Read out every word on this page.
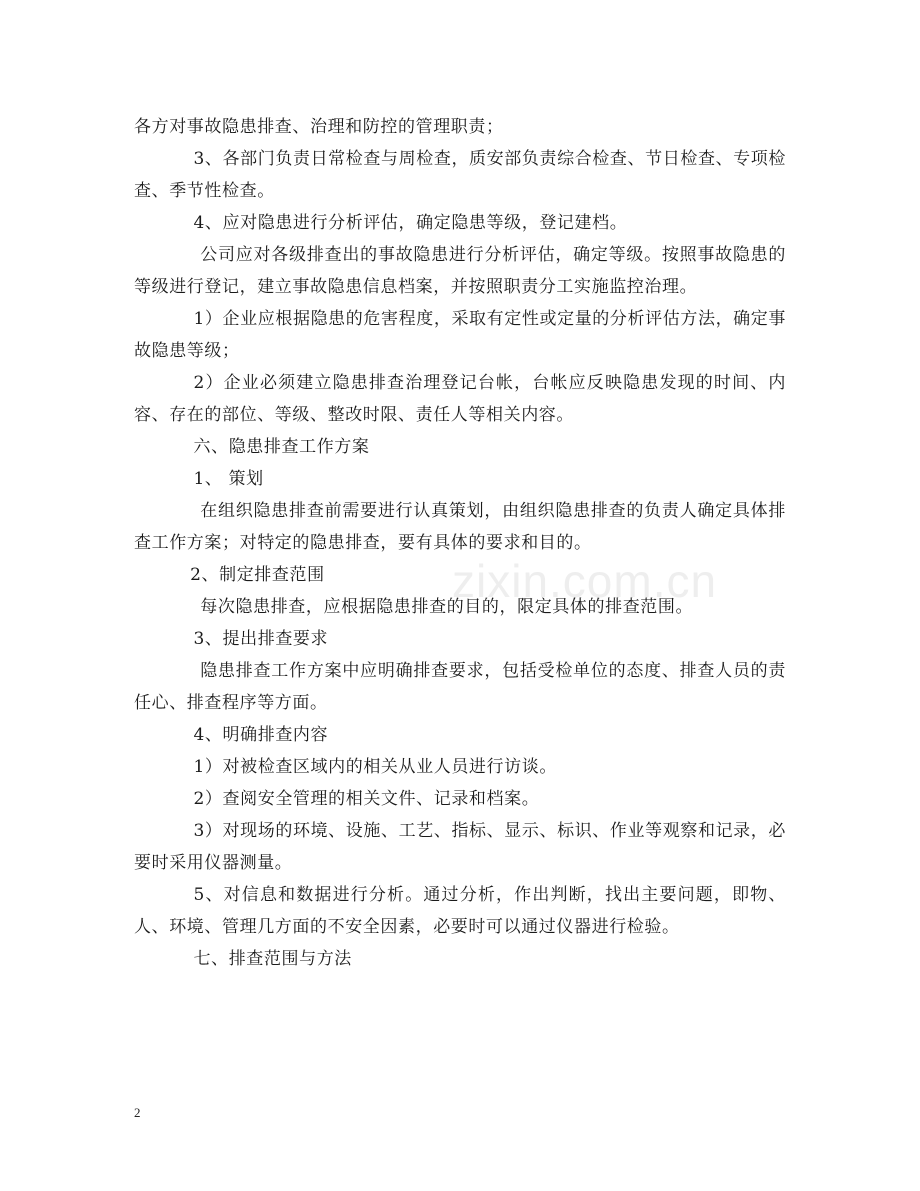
各方对事故隐患排查、治理和防控的管理职责；

3、各部门负责日常检查与周检查，质安部负责综合检查、节日检查、专项检查、季节性检查。

4、应对隐患进行分析评估，确定隐患等级，登记建档。

公司应对各级排查出的事故隐患进行分析评估，确定等级。按照事故隐患的等级进行登记，建立事故隐患信息档案，并按照职责分工实施监控治理。

1）企业应根据隐患的危害程度，采取有定性或定量的分析评估方法，确定事故隐患等级；

2）企业必须建立隐患排查治理登记台帐，台帐应反映隐患发现的时间、内容、存在的部位、等级、整改时限、责任人等相关内容。

六、隐患排查工作方案

1、 策划

在组织隐患排查前需要进行认真策划，由组织隐患排查的负责人确定具体排查工作方案；对特定的隐患排查，要有具体的要求和目的。

2、制定排查范围

每次隐患排查，应根据隐患排查的目的，限定具体的排查范围。

3、提出排查要求

隐患排查工作方案中应明确排查要求，包括受检单位的态度、排查人员的责任心、排查程序等方面。

4、明确排查内容

1）对被检查区域内的相关从业人员进行访谈。

2）查阅安全管理的相关文件、记录和档案。

3）对现场的环境、设施、工艺、指标、显示、标识、作业等观察和记录，必要时采用仪器测量。

5、对信息和数据进行分析。通过分析，作出判断，找出主要问题，即物、人、环境、管理几方面的不安全因素，必要时可以通过仪器进行检验。

七、排查范围与方法

zixin.com.cn
2
